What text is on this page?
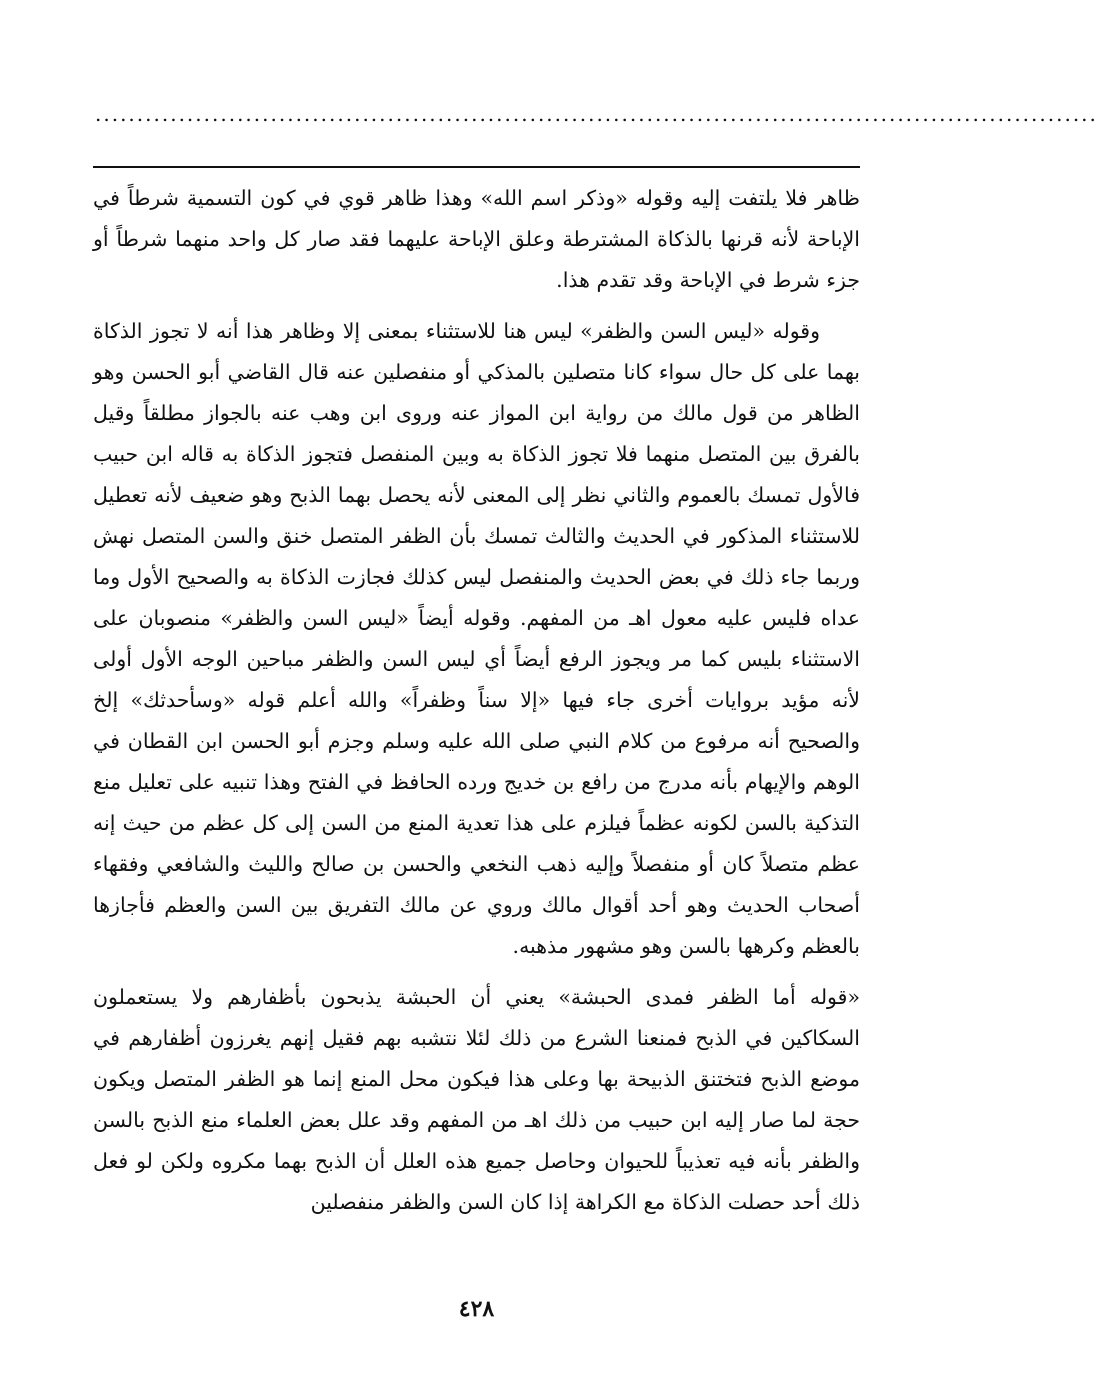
........................................................................................................................

ظاهر فلا يلتفت إليه وقوله «وذكر اسم الله» وهذا ظاهر قوي في كون التسمية شرطاً في الإباحة لأنه قرنها بالذكاة المشترطة وعلق الإباحة عليهما فقد صار كل واحد منهما شرطاً أو جزء شرط في الإباحة وقد تقدم هذا.

وقوله «ليس السن والظفر» ليس هنا للاستثناء بمعنى إلا وظاهر هذا أنه لا تجوز الذكاة بهما على كل حال سواء كانا متصلين بالمذكي أو منفصلين عنه قال القاضي أبو الحسن وهو الظاهر من قول مالك من رواية ابن المواز عنه وروى ابن وهب عنه بالجواز مطلقاً وقيل بالفرق بين المتصل منهما فلا تجوز الذكاة به وبين المنفصل فتجوز الذكاة به قاله ابن حبيب فالأول تمسك بالعموم والثاني نظر إلى المعنى لأنه يحصل بهما الذبح وهو ضعيف لأنه تعطيل للاستثناء المذكور في الحديث والثالث تمسك بأن الظفر المتصل خنق والسن المتصل نهش وربما جاء ذلك في بعض الحديث والمنفصل ليس كذلك فجازت الذكاة به والصحيح الأول وما عداه فليس عليه معول اهـ من المفهم. وقوله أيضاً «ليس السن والظفر» منصوبان على الاستثناء بليس كما مر ويجوز الرفع أيضاً أي ليس السن والظفر مباحين الوجه الأول أولى لأنه مؤيد بروايات أخرى جاء فيها «إلا سناً وظفراً» والله أعلم قوله «وسأحدثك» إلخ والصحيح أنه مرفوع من كلام النبي صلى الله عليه وسلم وجزم أبو الحسن ابن القطان في الوهم والإيهام بأنه مدرج من رافع بن خديج ورده الحافظ في الفتح وهذا تنبيه على تعليل منع التذكية بالسن لكونه عظماً فيلزم على هذا تعدية المنع من السن إلى كل عظم من حيث إنه عظم متصلاً كان أو منفصلاً وإليه ذهب النخعي والحسن بن صالح والليث والشافعي وفقهاء أصحاب الحديث وهو أحد أقوال مالك وروي عن مالك التفريق بين السن والعظم فأجازها بالعظم وكرهها بالسن وهو مشهور مذهبه.

«قوله أما الظفر فمدى الحبشة» يعني أن الحبشة يذبحون بأظفارهم ولا يستعملون السكاكين في الذبح فمنعنا الشرع من ذلك لئلا نتشبه بهم فقيل إنهم يغرزون أظفارهم في موضع الذبح فتختنق الذبيحة بها وعلى هذا فيكون محل المنع إنما هو الظفر المتصل ويكون حجة لما صار إليه ابن حبيب من ذلك اهـ من المفهم وقد علل بعض العلماء منع الذبح بالسن والظفر بأنه فيه تعذيباً للحيوان وحاصل جميع هذه العلل أن الذبح بهما مكروه ولكن لو فعل ذلك أحد حصلت الذكاة مع الكراهة إذا كان السن والظفر منفصلين

٤٢٨
